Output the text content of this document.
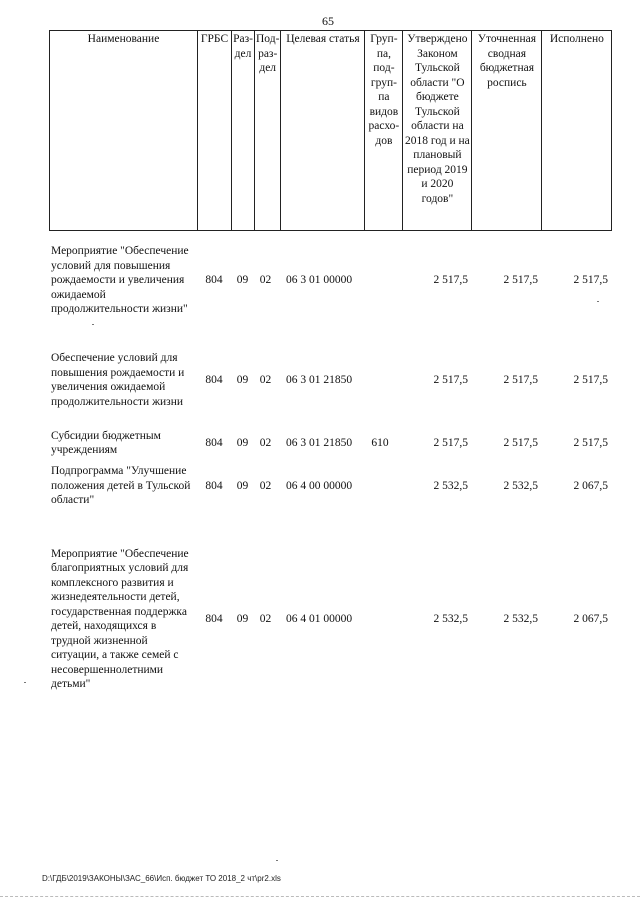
65
Наименование	ГРБС	Раз-дел	Под-раз-дел	Целевая статья	Груп-па, под-груп-па видов расхо-дов	Утверждено Законом Тульской области "О бюджете Тульской области на 2018 год и на плановый период 2019 и 2020 годов"	Уточненная сводная бюджетная роспись	Исполнено
Мероприятие "Обеспечение условий для повышения рождаемости и увеличения ожидаемой продолжительности жизни"	804	09	02	06 3 01 00000		2 517,5	2 517,5	2 517,5
Обеспечение условий для повышения рождаемости и увеличения ожидаемой продолжительности жизни	804	09	02	06 3 01 21850		2 517,5	2 517,5	2 517,5
Субсидии бюджетным учреждениям	804	09	02	06 3 01 21850	610	2 517,5	2 517,5	2 517,5
Подпрограмма "Улучшение положения детей в Тульской области"	804	09	02	06 4 00 00000		2 532,5	2 532,5	2 067,5
Мероприятие "Обеспечение благоприятных условий для комплексного развития и жизнедеятельности детей, государственная поддержка детей, находящихся в трудной жизненной ситуации, а также семей с несовершеннолетними детьми"	804	09	02	06 4 01 00000		2 532,5	2 532,5	2 067,5
D:\ГДБ\2019\ЗАКОНЫ\ЗАС_66\Исп. бюджет ТО 2018_2 чт\pr2.xls
